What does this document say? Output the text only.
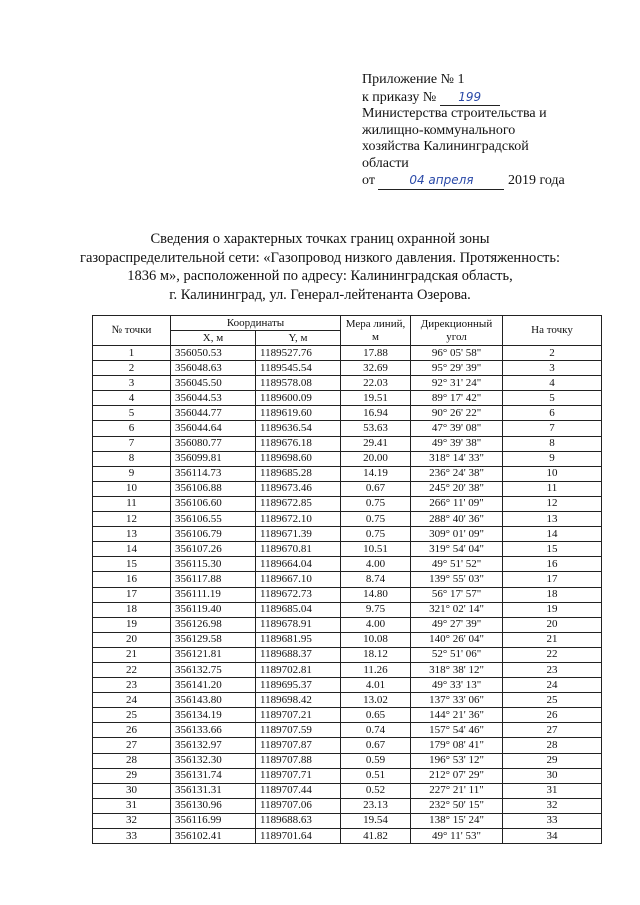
Приложение № 1
к приказу № 199
Министерства строительства и
жилищно-коммунального
хозяйства Калининградской
области
от	04 апреля 2019 года
Сведения о характерных точках границ охранной зоны
газораспределительной сети: «Газопровод низкого давления. Протяженность:
1836 м», расположенной по адресу: Калининградская область,
г. Калининград, ул. Генерал-лейтенанта Озерова.
№ точки	Координаты		Мера линий, м	Дирекционный угол	На точку
	X, м	Y, м			
1	356050.53	1189527.76	17.88	96° 05' 58"	2
2	356048.63	1189545.54	32.69	95° 29' 39"	3
3	356045.50	1189578.08	22.03	92° 31' 24"	4
4	356044.53	1189600.09	19.51	89° 17' 42"	5
5	356044.77	1189619.60	16.94	90° 26' 22"	6
6	356044.64	1189636.54	53.63	47° 39' 08"	7
7	356080.77	1189676.18	29.41	49° 39' 38"	8
8	356099.81	1189698.60	20.00	318° 14' 33"	9
9	356114.73	1189685.28	14.19	236° 24' 38"	10
10	356106.88	1189673.46	0.67	245° 20' 38"	11
11	356106.60	1189672.85	0.75	266° 11' 09"	12
12	356106.55	1189672.10	0.75	288° 40' 36"	13
13	356106.79	1189671.39	0.75	309° 01' 09"	14
14	356107.26	1189670.81	10.51	319° 54' 04"	15
15	356115.30	1189664.04	4.00	49° 51' 52"	16
16	356117.88	1189667.10	8.74	139° 55' 03"	17
17	356111.19	1189672.73	14.80	56° 17' 57"	18
18	356119.40	1189685.04	9.75	321° 02' 14"	19
19	356126.98	1189678.91	4.00	49° 27' 39"	20
20	356129.58	1189681.95	10.08	140° 26' 04"	21
21	356121.81	1189688.37	18.12	52° 51' 06"	22
22	356132.75	1189702.81	11.26	318° 38' 12"	23
23	356141.20	1189695.37	4.01	49° 33' 13"	24
24	356143.80	1189698.42	13.02	137° 33' 06"	25
25	356134.19	1189707.21	0.65	144° 21' 36"	26
26	356133.66	1189707.59	0.74	157° 54' 46"	27
27	356132.97	1189707.87	0.67	179° 08' 41"	28
28	356132.30	1189707.88	0.59	196° 53' 12"	29
29	356131.74	1189707.71	0.51	212° 07' 29"	30
30	356131.31	1189707.44	0.52	227° 21' 11"	31
31	356130.96	1189707.06	23.13	232° 50' 15"	32
32	356116.99	1189688.63	19.54	138° 15' 24"	33
33	356102.41	1189701.64	41.82	49° 11' 53"	34
